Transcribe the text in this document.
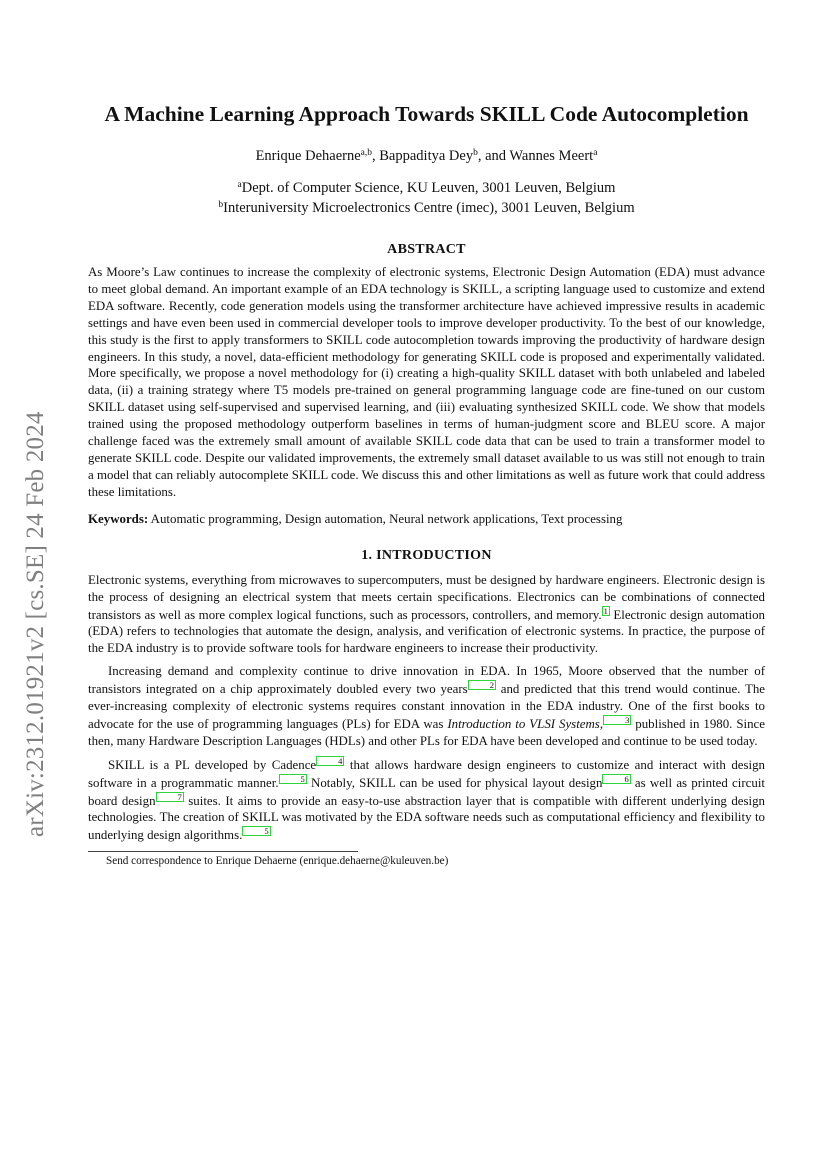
arXiv:2312.01921v2 [cs.SE] 24 Feb 2024
A Machine Learning Approach Towards SKILL Code Autocompletion
Enrique Dehaerne$^{a,b}$, Bappaditya Dey$^b$, and Wannes Meert$^a$
$^a$Dept. of Computer Science, KU Leuven, 3001 Leuven, Belgium
$^b$Interuniversity Microelectronics Centre (imec), 3001 Leuven, Belgium
ABSTRACT

As Moore’s Law continues to increase the complexity of electronic systems, Electronic Design Automation (EDA) must advance to meet global demand. An important example of an EDA technology is SKILL, a scripting language used to customize and extend EDA software. Recently, code generation models using the transformer architecture have achieved impressive results in academic settings and have even been used in commercial developer tools to improve developer productivity. To the best of our knowledge, this study is the first to apply transformers to SKILL code autocompletion towards improving the productivity of hardware design engineers. In this study, a novel, data-efficient methodology for generating SKILL code is proposed and experimentally validated. More specifically, we propose a novel methodology for (i) creating a high-quality SKILL dataset with both unlabeled and labeled data, (ii) a training strategy where T5 models pre-trained on general programming language code are fine-tuned on our custom SKILL dataset using self-supervised and supervised learning, and (iii) evaluating synthesized SKILL code. We show that models trained using the proposed methodology outperform baselines in terms of human-judgment score and BLEU score. A major challenge faced was the extremely small amount of available SKILL code data that can be used to train a transformer model to generate SKILL code. Despite our validated improvements, the extremely small dataset available to us was still not enough to train a model that can reliably autocomplete SKILL code. We discuss this and other limitations as well as future work that could address these limitations.

Keywords: Automatic programming, Design automation, Neural network applications, Text processing
1. INTRODUCTION

Electronic systems, everything from microwaves to supercomputers, must be designed by hardware engineers. Electronic design is the process of designing an electrical system that meets certain specifications. Electronics can be combinations of connected transistors as well as more complex logical functions, such as processors, controllers, and memory. 1 Electronic design automation (EDA) refers to technologies that automate the design, analysis, and verification of electronic systems. In practice, the purpose of the EDA industry is to provide software tools for hardware engineers to increase their productivity.

Increasing demand and complexity continue to drive innovation in EDA. In 1965, Moore observed that the number of transistors integrated on a chip approximately doubled every two years	2 and predicted that this trend would continue. The ever-increasing complexity of electronic systems requires constant innovation in the EDA industry. One of the first books to advocate for the use of programming languages (PLs) for EDA was Introduction to VLSI Systems,	3 published in 1980. Since then, many Hardware Description Languages (HDLs) and other PLs for EDA have been developed and continue to be used today.

SKILL is a PL developed by Cadence	4 that allows hardware design engineers to customize and interact with design software in a programmatic manner.	5 Notably, SKILL can be used for physical layout design	6 as well as printed circuit board design	7 suites. It aims to provide an easy-to-use abstraction layer that is compatible with different underlying design technologies. The creation of SKILL was motivated by the EDA software needs such as computational efficiency and flexibility to underlying design algorithms.	5

Send correspondence to Enrique Dehaerne (enrique.dehaerne@kuleuven.be)
